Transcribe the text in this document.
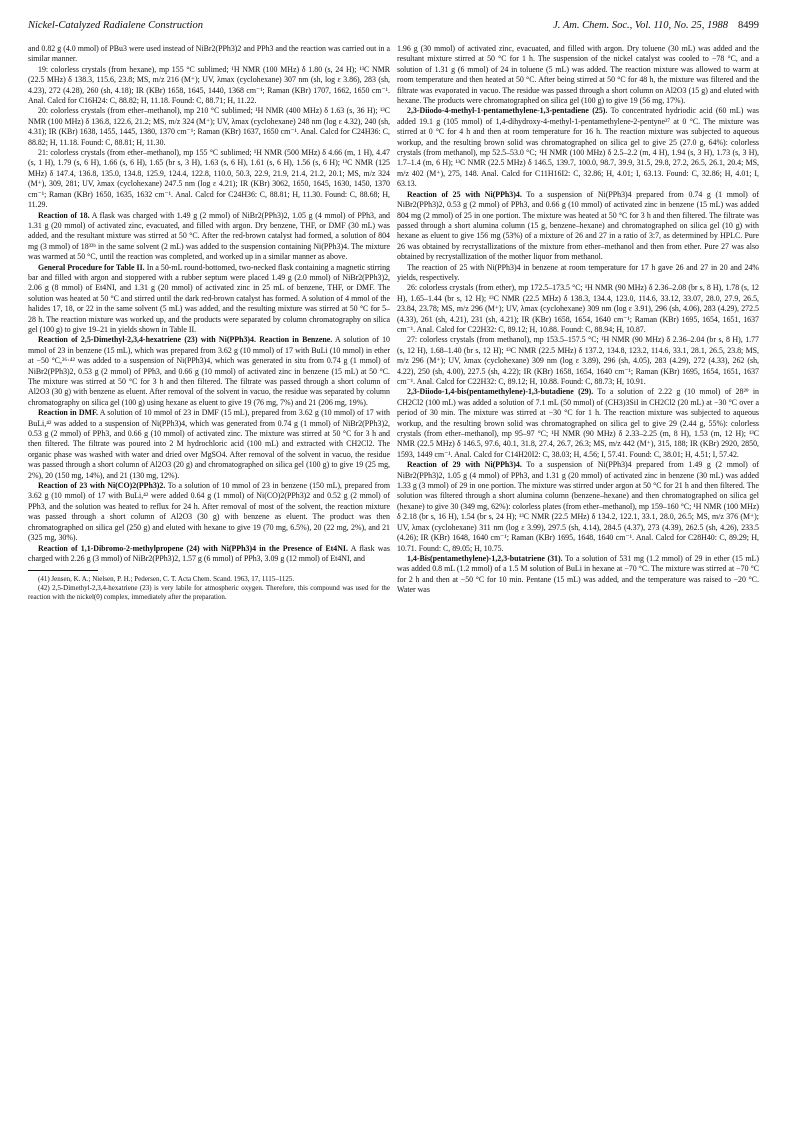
Nickel-Catalyzed Radialene Construction	J. Am. Chem. Soc., Vol. 110, No. 25, 1988 8499

and 0.82 g (4.0 mmol) of PBu3 were used instead of NiBr2(PPh3)2 and PPh3 and the reaction was carried out in a similar manner.

19: colorless crystals (from hexane), mp 155 °C sublimed; ¹H NMR (100 MHz) δ 1.80 (s, 24 H); ¹³C NMR (22.5 MHz) δ 138.3, 115.6, 23.8; MS, m/z 216 (M⁺); UV, λmax (cyclohexane) 307 nm (sh, log ε 3.86), 283 (sh, 4.23), 272 (4.28), 260 (sh, 4.18); IR (KBr) 1658, 1645, 1440, 1368 cm⁻¹; Raman (KBr) 1707, 1662, 1650 cm⁻¹. Anal. Calcd for C16H24: C, 88.82; H, 11.18. Found: C, 88.71; H, 11.22.

20: colorless crystals (from ether–methanol), mp 210 °C sublimed; ¹H NMR (400 MHz) δ 1.63 (s, 36 H); ¹³C NMR (100 MHz) δ 136.8, 122.6, 21.2; MS, m/z 324 (M⁺); UV, λmax (cyclohexane) 248 nm (log ε 4.32), 240 (sh, 4.31); IR (KBr) 1638, 1455, 1445, 1380, 1370 cm⁻¹; Raman (KBr) 1637, 1650 cm⁻¹. Anal. Calcd for C24H36: C, 88.82; H, 11.18. Found: C, 88.81; H, 11.30.

21: colorless crystals (from ether–methanol), mp 155 °C sublimed; ¹H NMR (500 MHz) δ 4.66 (m, 1 H), 4.47 (s, 1 H), 1.79 (s, 6 H), 1.66 (s, 6 H), 1.65 (br s, 3 H), 1.63 (s, 6 H), 1.61 (s, 6 H), 1.56 (s, 6 H); ¹³C NMR (125 MHz) δ 147.4, 136.8, 135.0, 134.8, 125.9, 124.4, 122.8, 110.0, 50.3, 22.9, 21.9, 21.4, 21.2, 20.1; MS, m/z 324 (M⁺), 309, 281; UV, λmax (cyclohexane) 247.5 nm (log ε 4.21); IR (KBr) 3062, 1650, 1645, 1630, 1450, 1370 cm⁻¹; Raman (KBr) 1650, 1635, 1632 cm⁻¹. Anal. Calcd for C24H36: C, 88.81; H, 11.30. Found: C, 88.68; H, 11.29.

Reaction of 18. A flask was charged with 1.49 g (2 mmol) of NiBr2(PPh3)2, 1.05 g (4 mmol) of PPh3, and 1.31 g (20 mmol) of activated zinc, evacuated, and filled with argon. Dry benzene, THF, or DMF (30 mL) was added, and the resultant mixture was stirred at 50 °C. After the red-brown catalyst had formed, a solution of 804 mg (3 mmol) of 18³²ᵇ in the same solvent (2 mL) was added to the suspension containing Ni(PPh3)4. The mixture was warmed at 50 °C, until the reaction was completed, and worked up in a similar manner as above.

General Procedure for Table II. In a 50-mL round-bottomed, two-necked flask containing a magnetic stirring bar and filled with argon and stoppered with a rubber septum were placed 1.49 g (2.0 mmol) of NiBr2(PPh3)2, 2.06 g (8 mmol) of Et4NI, and 1.31 g (20 mmol) of activated zinc in 25 mL of benzene, THF, or DMF. The solution was heated at 50 °C and stirred until the dark red-brown catalyst has formed. A solution of 4 mmol of the halides 17, 18, or 22 in the same solvent (5 mL) was added, and the resulting mixture was stirred at 50 °C for 5–28 h. The reaction mixture was worked up, and the products were separated by column chromatography on silica gel (100 g) to give 19–21 in yields shown in Table II.

Reaction of 2,5-Dimethyl-2,3,4-hexatriene (23) with Ni(PPh3)4. Reaction in Benzene. A solution of 10 mmol of 23 in benzene (15 mL), which was prepared from 3.62 g (10 mmol) of 17 with BuLi (10 mmol) in ether at −50 °C,²⁶·⁴² was added to a suspension of Ni(PPh3)4, which was generated in situ from 0.74 g (1 mmol) of NiBr2(PPh3)2, 0.53 g (2 mmol) of PPh3, and 0.66 g (10 mmol) of activated zinc in benzene (15 mL) at 50 °C. The mixture was stirred at 50 °C for 3 h and then filtered. The filtrate was passed through a short column of Al2O3 (30 g) with benzene as eluent. After removal of the solvent in vacuo, the residue was separated by column chromatography on silica gel (100 g) using hexane as eluent to give 19 (76 mg, 7%) and 21 (206 mg, 19%).

Reaction in DMF. A solution of 10 mmol of 23 in DMF (15 mL), prepared from 3.62 g (10 mmol) of 17 with BuLi,⁴² was added to a suspension of Ni(PPh3)4, which was generated from 0.74 g (1 mmol) of NiBr2(PPh3)2, 0.53 g (2 mmol) of PPh3, and 0.66 g (10 mmol) of activated zinc. The mixture was stirred at 50 °C for 3 h and then filtered. The filtrate was poured into 2 M hydrochloric acid (100 mL) and extracted with CH2Cl2. The organic phase was washed with water and dried over MgSO4. After removal of the solvent in vacuo, the residue was passed through a short column of Al2O3 (20 g) and chromatographed on silica gel (100 g) to give 19 (25 mg, 2%), 20 (150 mg, 14%), and 21 (130 mg, 12%).

Reaction of 23 with Ni(CO)2(PPh3)2. To a solution of 10 mmol of 23 in benzene (150 mL), prepared from 3.62 g (10 mmol) of 17 with BuLi,⁴² were added 0.64 g (1 mmol) of Ni(CO)2(PPh3)2 and 0.52 g (2 mmol) of PPh3, and the solution was heated to reflux for 24 h. After removal of most of the solvent, the reaction mixture was passed through a short column of Al2O3 (30 g) with benzene as eluent. The product was then chromatographed on silica gel (250 g) and eluted with hexane to give 19 (70 mg, 6.5%), 20 (22 mg, 2%), and 21 (325 mg, 30%).

Reaction of 1,1-Dibromo-2-methylpropene (24) with Ni(PPh3)4 in the Presence of Et4NI. A flask was charged with 2.26 g (3 mmol) of NiBr2(PPh3)2, 1.57 g (6 mmol) of PPh3, 3.09 g (12 mmol) of Et4NI, and

(41) Jensen, K. A.; Nielsen, P. H.; Pedersen, C. T. Acta Chem. Scand. 1963, 17, 1115–1125.

(42) 2,5-Dimethyl-2,3,4-hexatriene (23) is very labile for atmospheric oxygen. Therefore, this compound was used for the reaction with the nickel(0) complex, immediately after the preparation.

1.96 g (30 mmol) of activated zinc, evacuated, and filled with argon. Dry toluene (30 mL) was added and the resultant mixture stirred at 50 °C for 1 h. The suspension of the nickel catalyst was cooled to −78 °C, and a solution of 1.31 g (6 mmol) of 24 in toluene (5 mL) was added. The reaction mixture was allowed to warm at room temperature and then heated at 50 °C. After being stirred at 50 °C for 48 h, the mixture was filtered and the filtrate was evaporated in vacuo. The residue was passed through a short column on Al2O3 (15 g) and eluted with hexane. The products were chromatographed on silica gel (100 g) to give 19 (56 mg, 17%).

2,3-Diiodo-4-methyl-1-pentamethylene-1,3-pentadiene (25). To concentrated hydriodic acid (60 mL) was added 19.1 g (105 mmol) of 1,4-dihydroxy-4-methyl-1-pentamethylene-2-pentyne²⁷ at 0 °C. The mixture was stirred at 0 °C for 4 h and then at room temperature for 16 h. The reaction mixture was subjected to aqueous workup, and the resulting brown solid was chromatographed on silica gel to give 25 (27.0 g, 64%): colorless crystals (from methanol), mp 52.5–53.0 °C; ¹H NMR (100 MHz) δ 2.5–2.2 (m, 4 H), 1.94 (s, 3 H), 1.73 (s, 3 H), 1.7–1.4 (m, 6 H); ¹³C NMR (22.5 MHz) δ 146.5, 139.7, 100.0, 98.7, 39.9, 31.5, 29.8, 27.2, 26.5, 26.1, 20.4; MS, m/z 402 (M⁺), 275, 148. Anal. Calcd for C11H16I2: C, 32.86; H, 4.01; I, 63.13. Found: C, 32.86; H, 4.01; I, 63.13.

Reaction of 25 with Ni(PPh3)4. To a suspension of Ni(PPh3)4 prepared from 0.74 g (1 mmol) of NiBr2(PPh3)2, 0.53 g (2 mmol) of PPh3, and 0.66 g (10 mmol) of activated zinc in benzene (15 mL) was added 804 mg (2 mmol) of 25 in one portion. The mixture was heated at 50 °C for 3 h and then filtered. The filtrate was passed through a short alumina column (15 g, benzene–hexane) and chromatographed on silica gel (10 g) with hexane as eluent to give 156 mg (53%) of a mixture of 26 and 27 in a ratio of 3:7, as determined by HPLC. Pure 26 was obtained by recrystallizations of the mixture from ether–methanol and then from ether. Pure 27 was also obtained by recrystallization of the mother liquor from methanol.

The reaction of 25 with Ni(PPh3)4 in benzene at room temperature for 17 h gave 26 and 27 in 20 and 24% yields, respectively.

26: colorless crystals (from ether), mp 172.5–173.5 °C; ¹H NMR (90 MHz) δ 2.36–2.08 (br s, 8 H), 1.78 (s, 12 H), 1.65–1.44 (br s, 12 H); ¹³C NMR (22.5 MHz) δ 138.3, 134.4, 123.0, 114.6, 33.12, 33.07, 28.0, 27.9, 26.5, 23.84, 23.78; MS, m/z 296 (M⁺); UV, λmax (cyclohexane) 309 nm (log ε 3.91), 296 (sh, 4.06), 283 (4.29), 272.5 (4.33), 261 (sh, 4.21), 231 (sh, 4.21); IR (KBr) 1658, 1654, 1640 cm⁻¹; Raman (KBr) 1695, 1654, 1651, 1637 cm⁻¹. Anal. Calcd for C22H32: C, 89.12; H, 10.88. Found: C, 88.94; H, 10.87.

27: colorless crystals (from methanol), mp 153.5–157.5 °C; ¹H NMR (90 MHz) δ 2.36–2.04 (br s, 8 H), 1.77 (s, 12 H), 1.68–1.40 (br s, 12 H); ¹³C NMR (22.5 MHz) δ 137.2, 134.8, 123.2, 114.6, 33.1, 28.1, 26.5, 23.8; MS, m/z 296 (M⁺); UV, λmax (cyclohexane) 309 nm (log ε 3.89), 296 (sh, 4.05), 283 (4.29), 272 (4.33), 262 (sh, 4.22), 250 (sh, 4.00), 227.5 (sh, 4.22); IR (KBr) 1658, 1654, 1640 cm⁻¹; Raman (KBr) 1695, 1654, 1651, 1637 cm⁻¹. Anal. Calcd for C22H32: C, 89.12; H, 10.88. Found: C, 88.73; H, 10.91.

2,3-Diiodo-1,4-bis(pentamethylene)-1,3-butadiene (29). To a solution of 2.22 g (10 mmol) of 28²⁹ in CH2Cl2 (100 mL) was added a solution of 7.1 mL (50 mmol) of (CH3)3SiI in CH2Cl2 (20 mL) at −30 °C over a period of 30 min. The mixture was stirred at −30 °C for 1 h. The reaction mixture was subjected to aqueous workup, and the resulting brown solid was chromatographed on silica gel to give 29 (2.44 g, 55%): colorless crystals (from ether–methanol), mp 95–97 °C; ¹H NMR (90 MHz) δ 2.33–2.25 (m, 8 H), 1.53 (m, 12 H); ¹³C NMR (22.5 MHz) δ 146.5, 97.6, 40.1, 31.8, 27.4, 26.7, 26.3; MS, m/z 442 (M⁺), 315, 188; IR (KBr) 2920, 2850, 1593, 1449 cm⁻¹. Anal. Calcd for C14H20I2: C, 38.03; H, 4.56; I, 57.41. Found: C, 38.01; H, 4.51; I, 57.42.

Reaction of 29 with Ni(PPh3)4. To a suspension of Ni(PPh3)4 prepared from 1.49 g (2 mmol) of NiBr2(PPh3)2, 1.05 g (4 mmol) of PPh3, and 1.31 g (20 mmol) of activated zinc in benzene (30 mL) was added 1.33 g (3 mmol) of 29 in one portion. The mixture was stirred under argon at 50 °C for 21 h and then filtered. The solution was filtered through a short alumina column (benzene–hexane) and then chromatographed on silica gel (hexane) to give 30 (349 mg, 62%): colorless plates (from ether–methanol), mp 159–160 °C; ¹H NMR (100 MHz) δ 2.18 (br s, 16 H), 1.54 (br s, 24 H); ¹³C NMR (22.5 MHz) δ 134.2, 122.1, 33.1, 28.0, 26.5; MS, m/z 376 (M⁺); UV, λmax (cyclohexane) 311 nm (log ε 3.99), 297.5 (sh, 4.14), 284.5 (4.37), 273 (4.39), 262.5 (sh, 4.26), 233.5 (4.26); IR (KBr) 1648, 1640 cm⁻¹; Raman (KBr) 1695, 1648, 1640 cm⁻¹. Anal. Calcd for C28H40: C, 89.29; H, 10.71. Found: C, 89.05; H, 10.75.

1,4-Bis(pentamethylene)-1,2,3-butatriene (31). To a solution of 531 mg (1.2 mmol) of 29 in ether (15 mL) was added 0.8 mL (1.2 mmol) of a 1.5 M solution of BuLi in hexane at −70 °C. The mixture was stirred at −70 °C for 2 h and then at −50 °C for 10 min. Pentane (15 mL) was added, and the temperature was raised to −20 °C. Water was
